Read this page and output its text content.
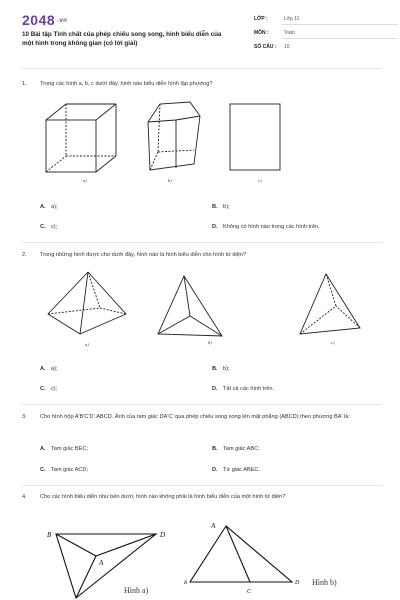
2048 $^{.vn}$
10 Bài tập Tính chất của phép chiếu song song, hình biểu diễn của một hình trong không gian (có lời giải)
LỚP :	Lớp 11
MÔN :	Toán
SỐ CÂU : 10
1. Trong các hình a, b, c dưới đây, hình nào biểu diễn hình lập phương?
a)	b)	c)
A. a);	B. b);
C. c);	D. Không có hình nào trong các hình trên.
2. Trong những hình được cho dưới đây, hình nào là hình biểu diễn cho hình tứ diện?
a)	b)	c)
A. a);	B. b);
C. c);	D. Tất cả các hình trên.
3. Cho hình hộp A'B'C'D'.ABCD. Ảnh của tam giác DA'C' qua phép chiếu song song lên mặt phẳng (ABCD) theo phương BA' là:
A. Tam giác BEC;	B. Tam giác ABC;
C. Tam giác ACD;	D. Tứ giác ABEC.
4. Cho các hình biểu diễn như bên dưới, hình nào không phải là hình biểu diễn của một hình tứ diện?
B	D
A
A
B
C
D
Hình a)
Hình b)
